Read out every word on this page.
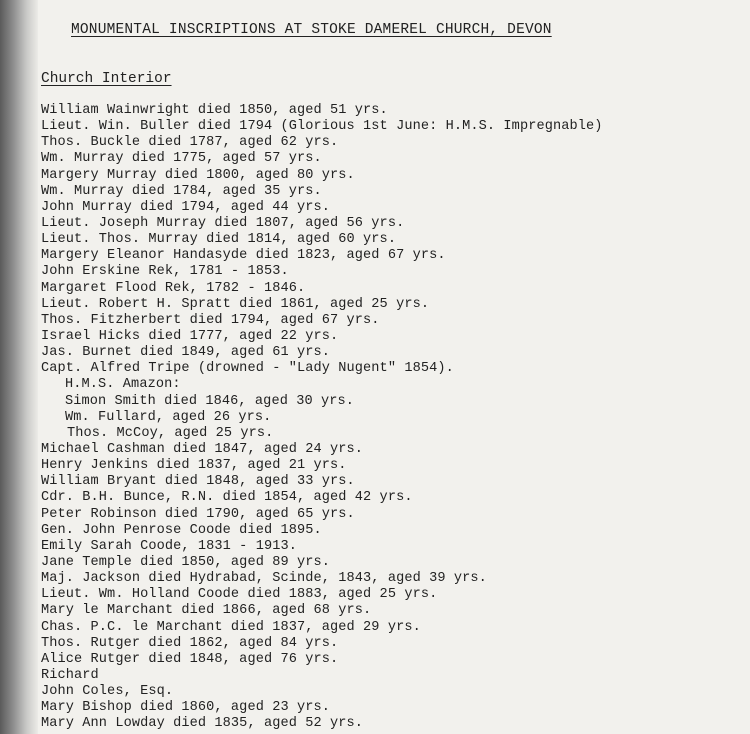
MONUMENTAL INSCRIPTIONS AT STOKE DAMEREL CHURCH, DEVON
Church Interior
William Wainwright died 1850, aged 51 yrs.
Lieut. Win. Buller died 1794 (Glorious 1st June: H.M.S. Impregnable)
Thos. Buckle died 1787, aged 62 yrs.
Wm. Murray died 1775, aged 57 yrs.
Margery Murray died 1800, aged 80 yrs.
Wm. Murray died 1784, aged 35 yrs.
John Murray died 1794, aged 44 yrs.
Lieut. Joseph Murray died 1807, aged 56 yrs.
Lieut. Thos. Murray died 1814, aged 60 yrs.
Margery Eleanor Handasyde died 1823, aged 67 yrs.
John Erskine Rek, 1781 - 1853.
Margaret Flood Rek, 1782 - 1846.
Lieut. Robert H. Spratt died 1861, aged 25 yrs.
Thos. Fitzherbert died 1794, aged 67 yrs.
Israel Hicks died 1777, aged 22 yrs.
Jas. Burnet died 1849, aged 61 yrs.
Capt. Alfred Tripe (drowned - "Lady Nugent" 1854).
H.M.S. Amazon:
Simon Smith died 1846, aged 30 yrs.
Wm. Fullard, aged 26 yrs.
Thos. McCoy, aged 25 yrs.
Michael Cashman died 1847, aged 24 yrs.
Henry Jenkins died 1837, aged 21 yrs.
William Bryant died 1848, aged 33 yrs.
Cdr. B.H. Bunce, R.N. died 1854, aged 42 yrs.
Peter Robinson died 1790, aged 65 yrs.
Gen. John Penrose Coode died 1895.
Emily Sarah Coode, 1831 - 1913.
Jane Temple died 1850, aged 89 yrs.
Maj. Jackson died Hydrabad, Scinde, 1843, aged 39 yrs.
Lieut. Wm. Holland Coode died 1883, aged 25 yrs.
Mary le Marchant died 1866, aged 68 yrs.
Chas. P.C. le Marchant died 1837, aged 29 yrs.
Thos. Rutger died 1862, aged 84 yrs.
Alice Rutger died 1848, aged 76 yrs.
Richard
John Coles, Esq.
Mary Bishop died 1860, aged 23 yrs.
Mary Ann Lowday died 1835, aged 52 yrs.
